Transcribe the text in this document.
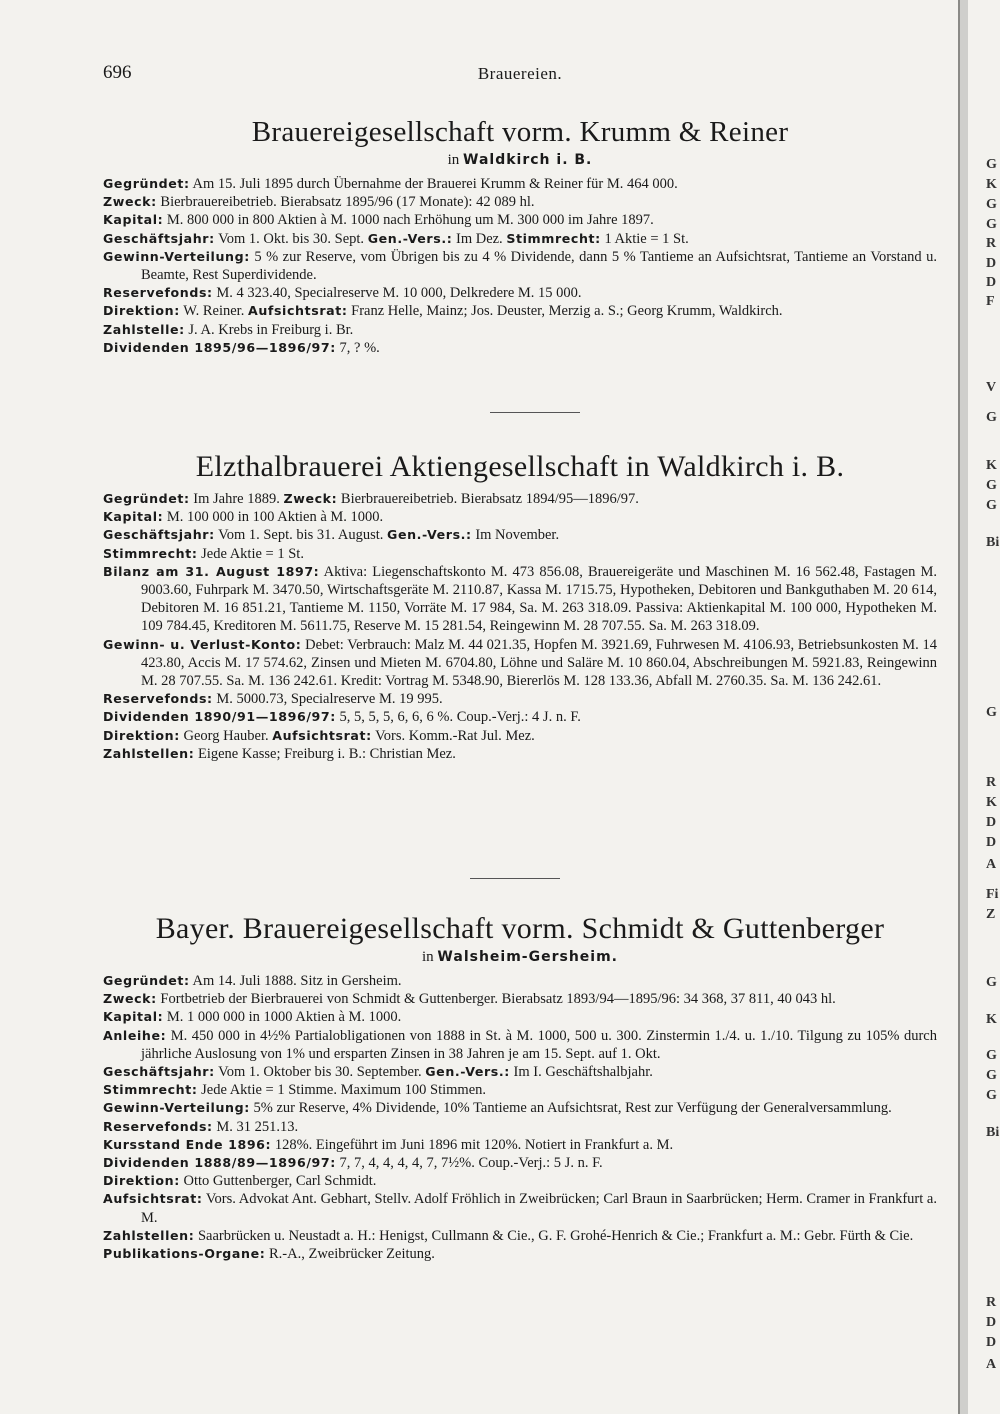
696	Brauereien.
G
K
G
G
R
D
D
F
V
G
K
G
G
Bi
G
R
K
D
D
A
Fi
Z
G
K
G
G
G
Bi
R
D
D
A
Brauereigesellschaft vorm. Krumm & Reiner
in Waldkirch i. B.

Gegründet: Am 15. Juli 1895 durch Übernahme der Brauerei Krumm & Reiner für M. 464 000.

Zweck: Bierbrauereibetrieb. Bierabsatz 1895/96 (17 Monate): 42 089 hl.

Kapital: M. 800 000 in 800 Aktien à M. 1000 nach Erhöhung um M. 300 000 im Jahre 1897.

Geschäftsjahr: Vom 1. Okt. bis 30. Sept. Gen.-Vers.: Im Dez. Stimmrecht: 1 Aktie = 1 St.

Gewinn-Verteilung: 5 % zur Reserve, vom Übrigen bis zu 4 % Dividende, dann 5 % Tantieme an Aufsichtsrat, Tantieme an Vorstand u. Beamte, Rest Superdividende.

Reservefonds: M. 4 323.40, Specialreserve M. 10 000, Delkredere M. 15 000.

Direktion: W. Reiner. Aufsichtsrat: Franz Helle, Mainz; Jos. Deuster, Merzig a. S.; Georg Krumm, Waldkirch.

Zahlstelle: J. A. Krebs in Freiburg i. Br.

Dividenden 1895/96—1896/97: 7, ? %.

Elzthalbrauerei Aktiengesellschaft in Waldkirch i. B.

Gegründet: Im Jahre 1889. Zweck: Bierbrauereibetrieb. Bierabsatz 1894/95—1896/97.

Kapital: M. 100 000 in 100 Aktien à M. 1000.

Geschäftsjahr: Vom 1. Sept. bis 31. August. Gen.-Vers.: Im November.

Stimmrecht: Jede Aktie = 1 St.

Bilanz am 31. August 1897: Aktiva: Liegenschaftskonto M. 473 856.08, Brauereigeräte und Maschinen M. 16 562.48, Fastagen M. 9003.60, Fuhrpark M. 3470.50, Wirtschaftsgeräte M. 2110.87, Kassa M. 1715.75, Hypotheken, Debitoren und Bankguthaben M. 20 614, Debitoren M. 16 851.21, Tantieme M. 1150, Vorräte M. 17 984, Sa. M. 263 318.09. Passiva: Aktienkapital M. 100 000, Hypotheken M. 109 784.45, Kreditoren M. 5611.75, Reserve M. 15 281.54, Reingewinn M. 28 707.55. Sa. M. 263 318.09.

Gewinn- u. Verlust-Konto: Debet: Verbrauch: Malz M. 44 021.35, Hopfen M. 3921.69, Fuhrwesen M. 4106.93, Betriebsunkosten M. 14 423.80, Accis M. 17 574.62, Zinsen und Mieten M. 6704.80, Löhne und Saläre M. 10 860.04, Abschreibungen M. 5921.83, Reingewinn M. 28 707.55. Sa. M. 136 242.61. Kredit: Vortrag M. 5348.90, Biererlös M. 128 133.36, Abfall M. 2760.35. Sa. M. 136 242.61.

Reservefonds: M. 5000.73, Specialreserve M. 19 995.

Dividenden 1890/91—1896/97: 5, 5, 5, 5, 6, 6, 6 %. Coup.-Verj.: 4 J. n. F.

Direktion: Georg Hauber. Aufsichtsrat: Vors. Komm.-Rat Jul. Mez.

Zahlstellen: Eigene Kasse; Freiburg i. B.: Christian Mez.

Bayer. Brauereigesellschaft vorm. Schmidt & Guttenberger
in Walsheim-Gersheim.

Gegründet: Am 14. Juli 1888. Sitz in Gersheim.

Zweck: Fortbetrieb der Bierbrauerei von Schmidt & Guttenberger. Bierabsatz 1893/94—1895/96: 34 368, 37 811, 40 043 hl.

Kapital: M. 1 000 000 in 1000 Aktien à M. 1000.

Anleihe: M. 450 000 in 4½% Partialobligationen von 1888 in St. à M. 1000, 500 u. 300. Zinstermin 1./4. u. 1./10. Tilgung zu 105% durch jährliche Auslosung von 1% und ersparten Zinsen in 38 Jahren je am 15. Sept. auf 1. Okt.

Geschäftsjahr: Vom 1. Oktober bis 30. September. Gen.-Vers.: Im I. Geschäftshalbjahr.

Stimmrecht: Jede Aktie = 1 Stimme. Maximum 100 Stimmen.

Gewinn-Verteilung: 5% zur Reserve, 4% Dividende, 10% Tantieme an Aufsichtsrat, Rest zur Verfügung der Generalversammlung.

Reservefonds: M. 31 251.13.

Kursstand Ende 1896: 128%. Eingeführt im Juni 1896 mit 120%. Notiert in Frankfurt a. M.

Dividenden 1888/89—1896/97: 7, 7, 4, 4, 4, 4, 7, 7½%. Coup.-Verj.: 5 J. n. F.

Direktion: Otto Guttenberger, Carl Schmidt.

Aufsichtsrat: Vors. Advokat Ant. Gebhart, Stellv. Adolf Fröhlich in Zweibrücken; Carl Braun in Saarbrücken; Herm. Cramer in Frankfurt a. M.

Zahlstellen: Saarbrücken u. Neustadt a. H.: Henigst, Cullmann & Cie., G. F. Grohé-Henrich & Cie.; Frankfurt a. M.: Gebr. Fürth & Cie.

Publikations-Organe: R.-A., Zweibrücker Zeitung.
